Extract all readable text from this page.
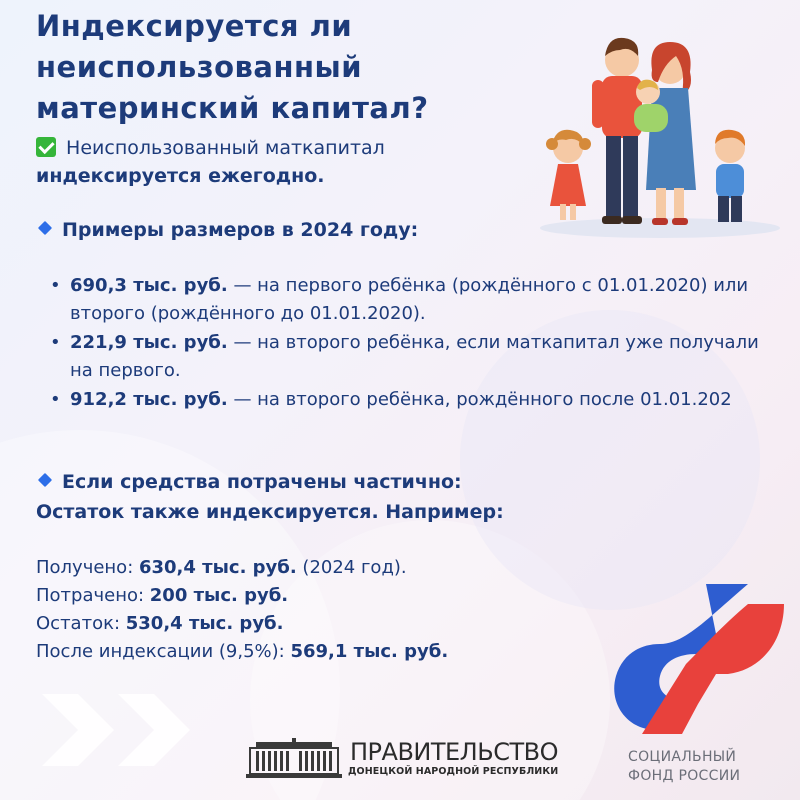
Индексируется ли
неиспользованный
материнский капитал?
Неиспользованный маткапитал
индексируется ежегодно.
Примеры размеров в 2024 году:
• 690,3 тыс. руб. — на первого ребёнка (рождённого с 01.01.2020) или второго (рождённого до 01.01.2020).
• 221,9 тыс. руб. — на второго ребёнка, если маткапитал уже получали на первого.
• 912,2 тыс. руб. — на второго ребёнка, рождённого после 01.01.202
Если средства потрачены частично:
Остаток также индексируется. Например:
Получено: 630,4 тыс. руб. (2024 год).
Потрачено: 200 тыс. руб.
Остаток: 530,4 тыс. руб.
После индексации (9,5%): 569,1 тыс. руб.
ПРАВИТЕЛЬСТВО
ДОНЕЦКОЙ НАРОДНОЙ РЕСПУБЛИКИ
СОЦИАЛЬНЫЙ
ФОНД РОССИИ
